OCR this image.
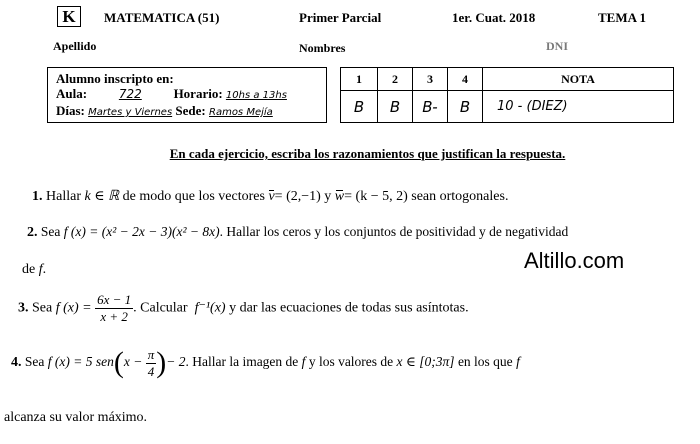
K	MATEMATICA (51)	Primer Parcial	1er. Cuat. 2018	TEMA 1
Apellido	Nombres	DNI
Alumno inscripto en:
Aula:	722 Horario: 10hs a 13hs
Días: Martes y Viernes Sede: Ramos Mejía
1	2	3	4	NOTA
B	B	B-	B	10 - (DIEZ)
En cada ejercicio, escriba los razonamientos que justifican la respuesta.
1. Hallar k ∈ ℝ de modo que los vectores v= (2,−1) y w= (k − 5, 2) sean ortogonales.
2. Sea f (x) = (x² − 2x − 3)(x² − 8x). Hallar los ceros y los conjuntos de positividad y de negatividad
de f.	Altillo.com
3. Sea f $(x) = \frac{6x - 1}{x + 2}$ . Calcular f⁻¹(x) y dar las ecuaciones de todas sus asíntotas.
4. Sea f (x) = 5 $sen(x - \frac{\pi}{4}$ )− 2. Hallar la imagen de f y los valores de x ∈ [0;3π] en los que f
alcanza su valor máximo.
